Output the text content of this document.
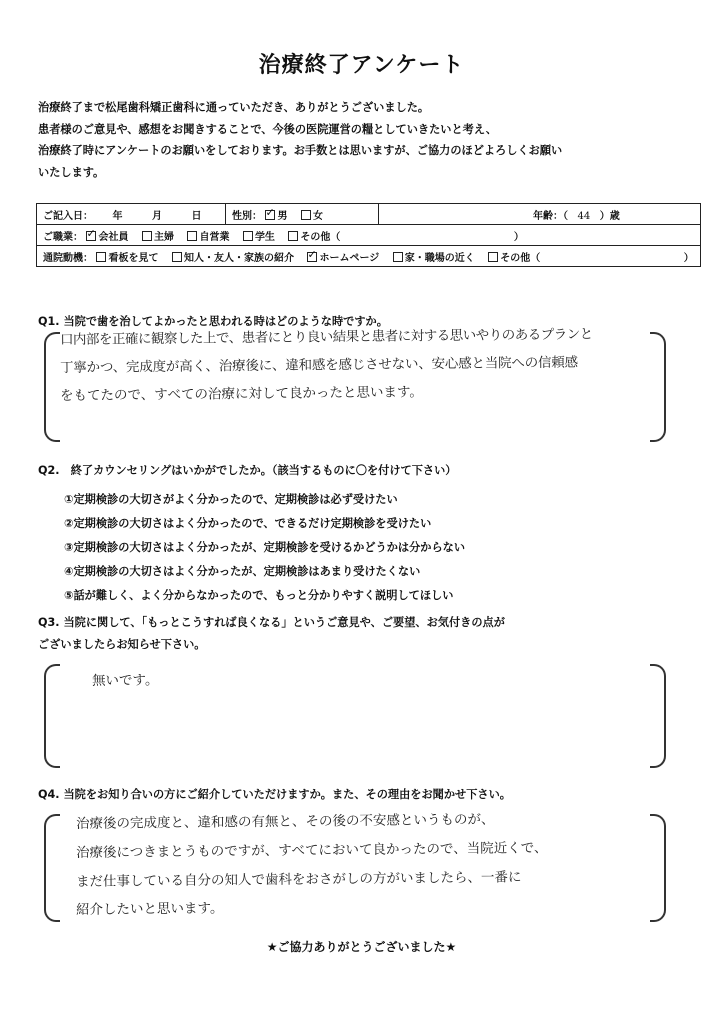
治療終了アンケート

治療終了まで松尾歯科矯正歯科に通っていただき、ありがとうございました。

患者様のご意見や、感想をお聞きすることで、今後の医院運営の糧としていきたいと考え、

治療終了時にアンケートのお願いをしております。お手数とは思いますが、ご協力のほどよろしくお願い

いたします。

ご記入日： 年	月	日	性別： ✓ 男	女	年齢：（ 44 ）歳
ご職業： ✓ 会社員	主婦	自営業	学生	その他（	）
通院動機： 看板を見て	知人・友人・家族の紹介 ✓	ホームページ	家・職場の近く	その他（	）
Q1. 当院で歯を治してよかったと思われる時はどのような時ですか。
口内部を正確に観察した上で、患者にとり良い結果と患者に対する思いやりのあるプランと
丁寧かつ、完成度が高く、治療後に、違和感を感じさせない、安心感と当院への信頼感
をもてたので、すべての治療に対して良かったと思います。
Q2.　終了カウンセリングはいかがでしたか。（該当するものに〇を付けて下さい）
①定期検診の大切さがよく分かったので、定期検診は必ず受けたい
②定期検診の大切さはよく分かったので、できるだけ定期検診を受けたい
③定期検診の大切さはよく分かったが、定期検診を受けるかどうかは分からない
④定期検診の大切さはよく分かったが、定期検診はあまり受けたくない
⑤話が難しく、よく分からなかったので、もっと分かりやすく説明してほしい
Q3. 当院に関して、「もっとこうすれば良くなる」というご意見や、ご要望、お気付きの点が
ございましたらお知らせ下さい。
無いです。
Q4. 当院をお知り合いの方にご紹介していただけますか。また、その理由をお聞かせ下さい。
治療後の完成度と、違和感の有無と、その後の不安感というものが、
治療後につきまとうものですが、すべてにおいて良かったので、当院近くで、
まだ仕事している自分の知人で歯科をおさがしの方がいましたら、一番に
紹介したいと思います。
★ご協力ありがとうございました★
